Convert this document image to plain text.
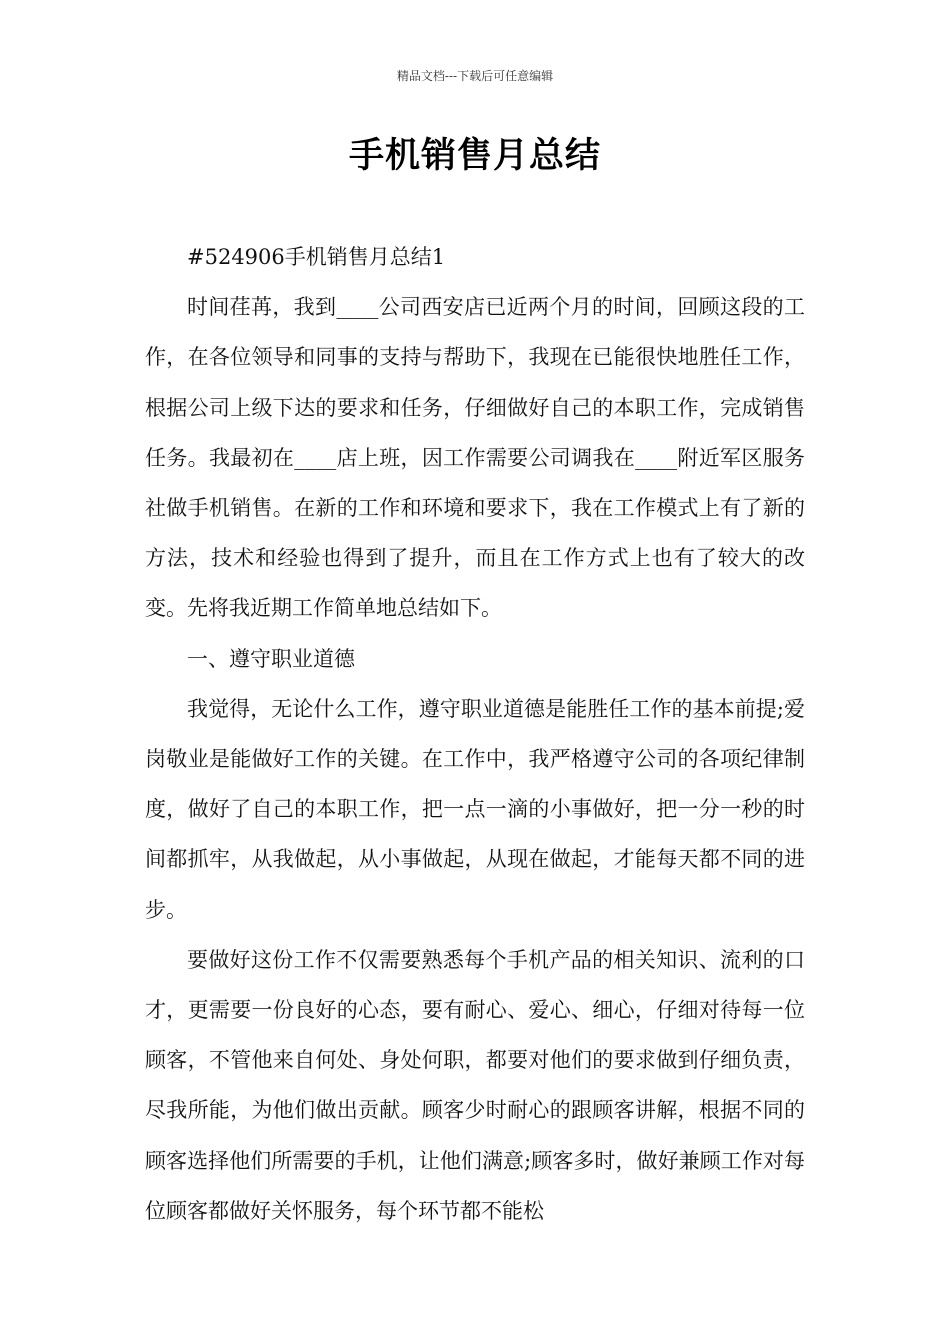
精品文档---下载后可任意编辑
手机销售月总结

#524906手机销售月总结1

时间荏苒，我到____公司西安店已近两个月的时间，回顾这段的工作，在各位领导和同事的支持与帮助下，我现在已能很快地胜任工作，根据公司上级下达的要求和任务，仔细做好自己的本职工作，完成销售任务。我最初在____店上班，因工作需要公司调我在____附近军区服务社做手机销售。在新的工作和环境和要求下，我在工作模式上有了新的方法，技术和经验也得到了提升，而且在工作方式上也有了较大的改变。先将我近期工作简单地总结如下。

一、遵守职业道德

我觉得，无论什么工作，遵守职业道德是能胜任工作的基本前提;爱岗敬业是能做好工作的关键。在工作中，我严格遵守公司的各项纪律制度，做好了自己的本职工作，把一点一滴的小事做好，把一分一秒的时间都抓牢，从我做起，从小事做起，从现在做起，才能每天都不同的进步。

要做好这份工作不仅需要熟悉每个手机产品的相关知识、流利的口才，更需要一份良好的心态，要有耐心、爱心、细心，仔细对待每一位顾客，不管他来自何处、身处何职，都要对他们的要求做到仔细负责，尽我所能，为他们做出贡献。顾客少时耐心的跟顾客讲解，根据不同的顾客选择他们所需要的手机，让他们满意;顾客多时，做好兼顾工作对每位顾客都做好关怀服务，每个环节都不能松
